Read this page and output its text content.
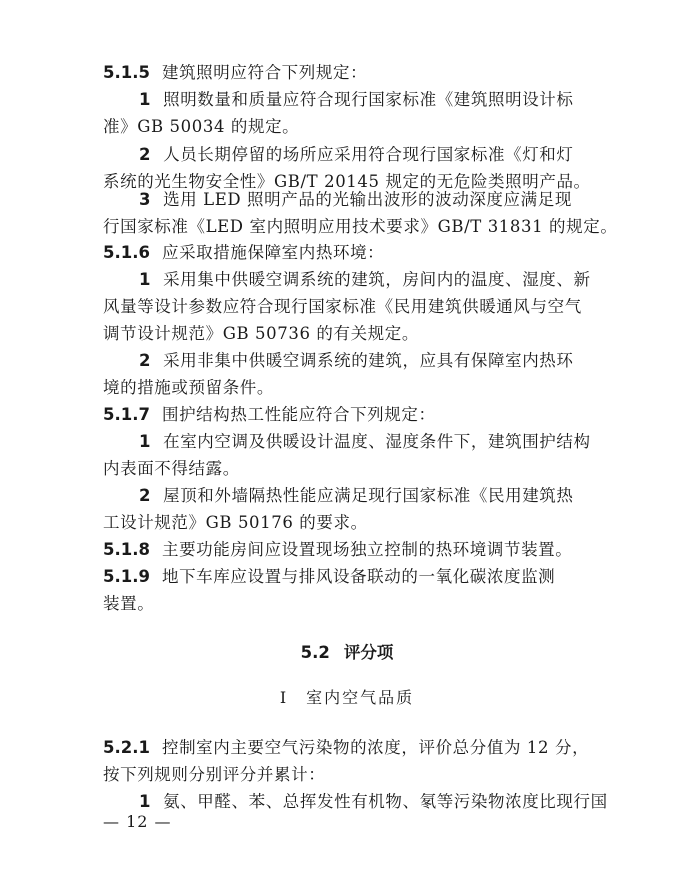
5.1.5 建筑照明应符合下列规定：
1 照明数量和质量应符合现行国家标准《建筑照明设计标
准》GB 50034 的规定。
2 人员长期停留的场所应采用符合现行国家标准《灯和灯
系统的光生物安全性》GB/T 20145 规定的无危险类照明产品。
3 选用 LED 照明产品的光输出波形的波动深度应满足现
行国家标准《LED 室内照明应用技术要求》GB/T 31831 的规定。
5.1.6 应采取措施保障室内热环境：
1 采用集中供暖空调系统的建筑，房间内的温度、湿度、新
风量等设计参数应符合现行国家标准《民用建筑供暖通风与空气
调节设计规范》GB 50736 的有关规定。
2 采用非集中供暖空调系统的建筑，应具有保障室内热环
境的措施或预留条件。
5.1.7 围护结构热工性能应符合下列规定：
1 在室内空调及供暖设计温度、湿度条件下，建筑围护结构
内表面不得结露。
2 屋顶和外墙隔热性能应满足现行国家标准《民用建筑热
工设计规范》GB 50176 的要求。
5.1.8 主要功能房间应设置现场独立控制的热环境调节装置。
5.1.9 地下车库应设置与排风设备联动的一氧化碳浓度监测
装置。
5.2 评分项
Ⅰ 室内空气品质
5.2.1 控制室内主要空气污染物的浓度，评价总分值为 12 分，
按下列规则分别评分并累计：
1 氨、甲醛、苯、总挥发性有机物、氡等污染物浓度比现行国
— 12 —
